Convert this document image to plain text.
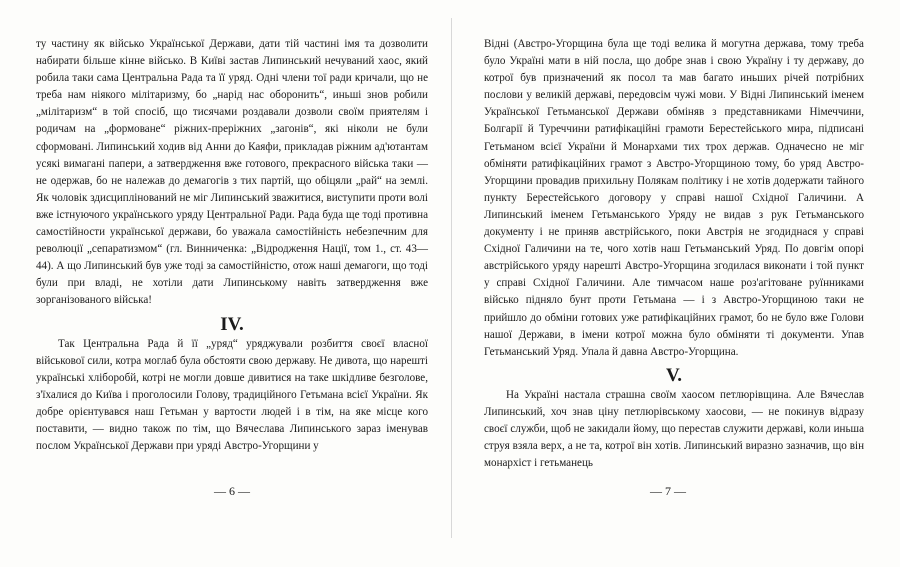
ту частину як військо Української Держави, дати тій частині імя та дозволити набирати більше кінне військо. В Київі застав Липинський нечуваний хаос, який робила таки сама Центральна Рада та її уряд. Одні члени тої ради кричали, що не треба нам ніякого мілітаризму, бо „нарід нас оборонить“, иньші знов робили „мілітаризм“ в той спосіб, що тисячами роздавали дозволи своїм приятелям і родичам на „формоване“ ріжних-преріжних „загонів“, які ніколи не були сформовані. Липинський ходив від Анни до Каяфи, прикладав ріжним ад'ютантам усякі вимагані папери, а затвердження вже готового, прекрасного війська таки — не одержав, бо не належав до демагогів з тих партій, що обіцяли „рай“ на землі. Як чоловік здисциплінований не міг Липинський зважитися, виступити проти волі вже істнуючого українського уряду Центральної Ради. Рада буда ще тоді противна самостійности української держави, бо уважала самостійність небезпечним для революції „сепаратизмом“ (гл. Винниченка: „Відродження Нації, том 1., ст. 43—44). А що Липинський був уже тоді за самостійністю, отож наші демагоги, що тоді були при владі, не хотіли дати Липинському навіть затвердження вже зорганізованого війська!

IV.

Так Центральна Рада й її „уряд“ уряджували розбиття своєї власної військової сили, котра моглаб була обстояти свою державу. Не дивота, що нарешті українські хліборобй, котрі не могли довше дивитися на таке шкідливе безголове, з'їхалися до Київа і проголосили Голову, традиційного Гетьмана всієї України. Як добре орієнтувався наш Гетьман у вартости людей і в тім, на яке місце кого поставити, — видно також по тім, що Вячеслава Липинського зараз іменував послом Української Держави при уряді Австро-Угорщини у

Відні (Австро-Угорщина була ще тоді велика й могутна держава, тому треба було Україні мати в ній посла, що добре знав і свою Україну і ту державу, до котрої був призначений як посол та мав багато иньших річей потрібних послови у великій державі, передовсім чужі мови. У Відні Липинський іменем Української Гетьманської Держави обміняв з представниками Німеччини, Болгарії й Туреччини ратифікаційні грамоти Берестейського мира, підписані Гетьманом всієї України й Монархами тих трох держав. Одначесно не міг обміняти ратифікаційних грамот з Австро-Угорщиною тому, бо уряд Австро-Угорщини провадив прихильну Полякам політику і не хотів додержати тайного пункту Берестейського договору у справі нашої Східної Галичини. А Липинський іменем Гетьманського Уряду не видав з рук Гетьманського документу і не приняв австрійського, поки Австрія не згодиднася у справі Східної Галичини на те, чого хотів наш Гетьманський Уряд. По довгім опорі австрійського уряду нарешті Австро-Угорщина згодилася виконати і той пункт у справі Східної Галичини. Але тимчасом наше роз'агітоване руїнниками військо підняло бунт проти Гетьмана — і з Австро-Угорщиною таки не прийшло до обміни готових уже ратифікаційних грамот, бо не було вже Голови нашої Держави, в імени котрої можна було обміняти ті документи. Упав Гетьманський Уряд. Упала й давна Австро-Угорщина.

V.

На Україні настала страшна своїм хаосом петлюрівщина. Але Вячеслав Липинський, хоч знав ціну петлюрівському хаосови, — не покинув відразу своєї служби, щоб не закидали йому, що перестав служити державі, коли иньша струя взяла верх, а не та, котрої він хотів. Липинський виразно зазначив, що він монархіст і гетьманець

— 6 —	— 7 —
